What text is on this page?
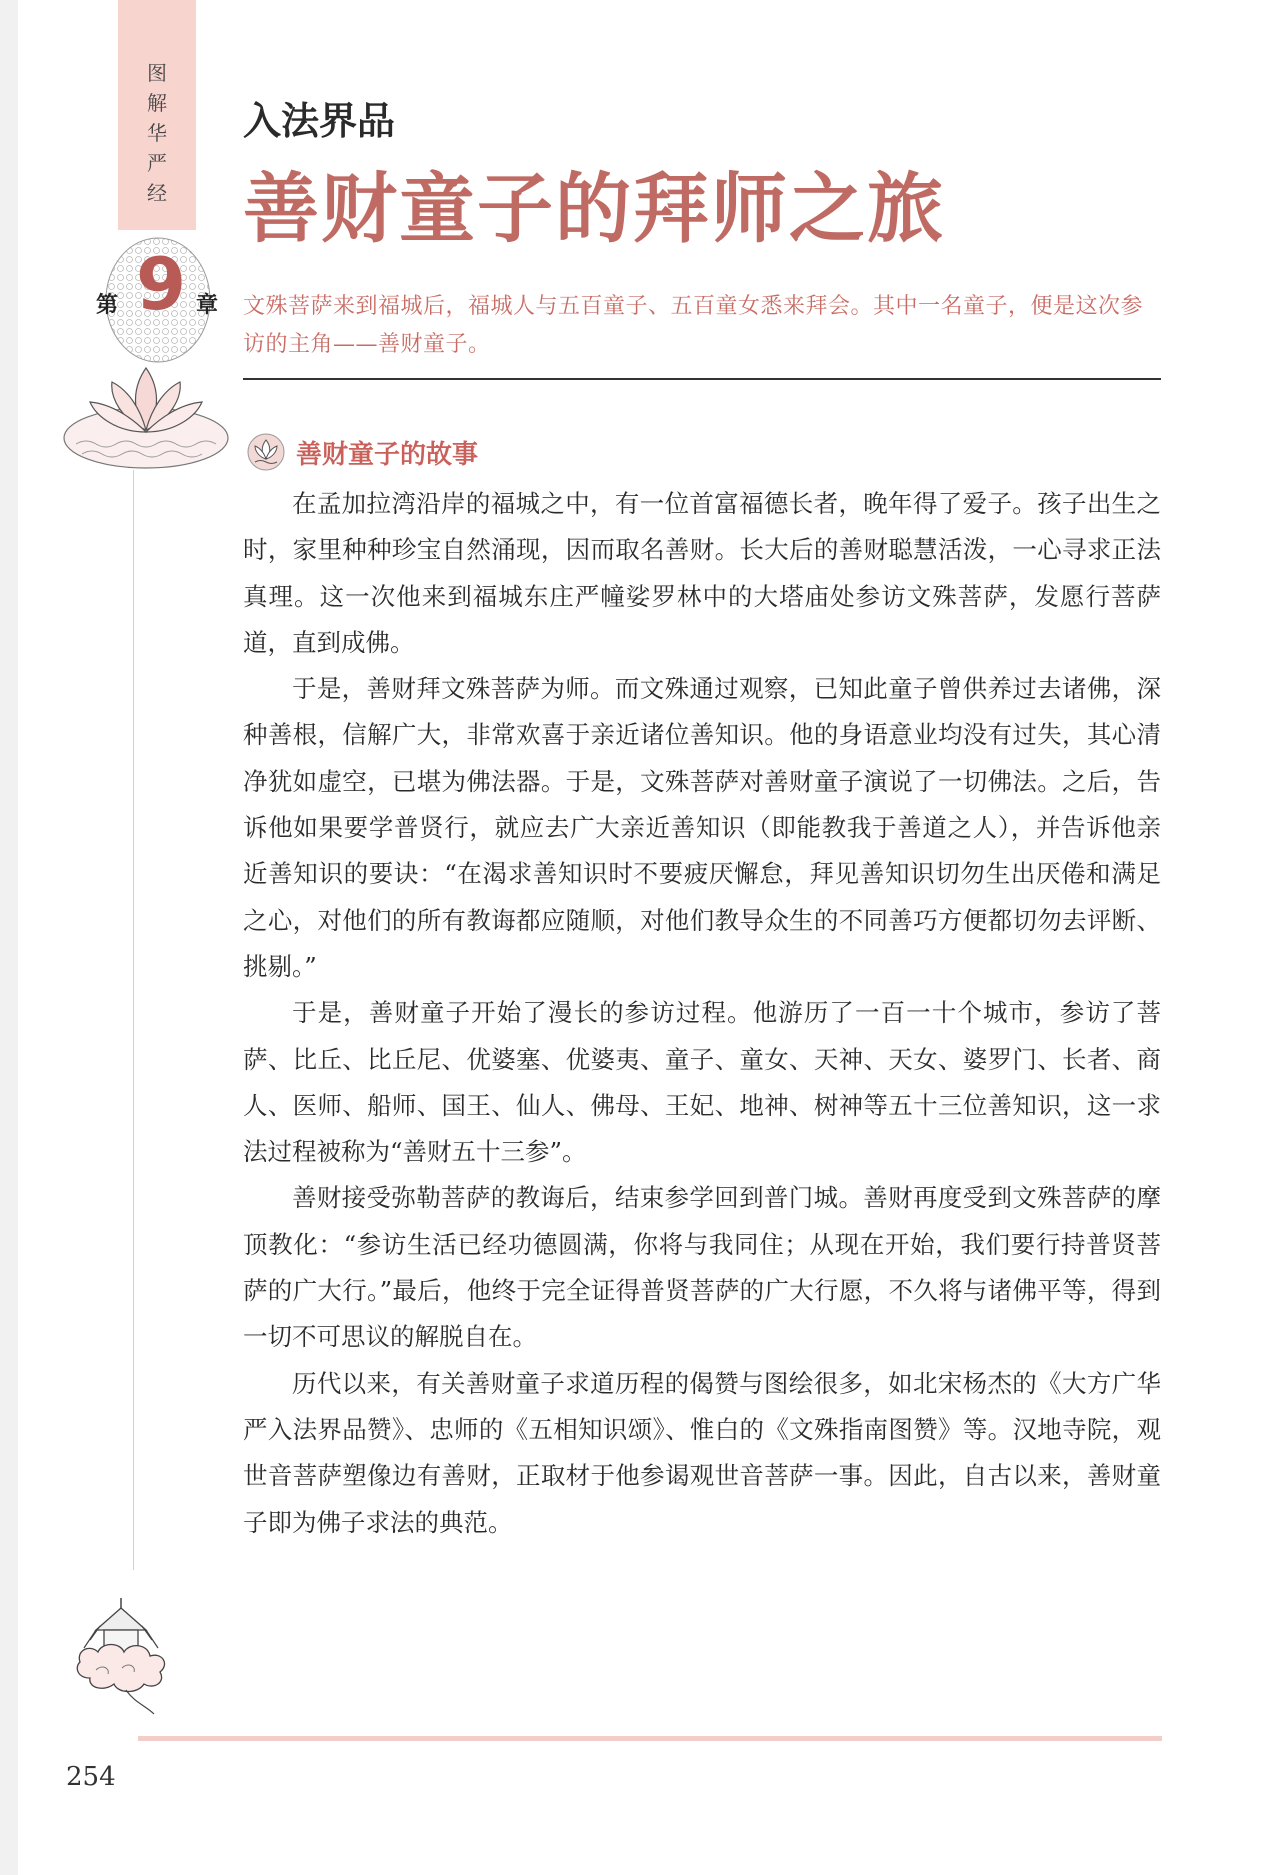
图
解
华
严
经
第 9 章
254
入法界品
善财童子的拜师之旅
文殊菩萨来到福城后，福城人与五百童子、五百童女悉来拜会。其中一名童子，便是这次参访的主角——善财童子。
善财童子的故事

在孟加拉湾沿岸的福城之中，有一位首富福德长者，晚年得了爱子。孩子出生之时，家里种种珍宝自然涌现，因而取名善财。长大后的善财聪慧活泼，一心寻求正法真理。这一次他来到福城东庄严幢娑罗林中的大塔庙处参访文殊菩萨，发愿行菩萨道，直到成佛。

于是，善财拜文殊菩萨为师。而文殊通过观察，已知此童子曾供养过去诸佛，深种善根，信解广大，非常欢喜于亲近诸位善知识。他的身语意业均没有过失，其心清净犹如虚空，已堪为佛法器。于是，文殊菩萨对善财童子演说了一切佛法。之后，告诉他如果要学普贤行，就应去广大亲近善知识（即能教我于善道之人），并告诉他亲近善知识的要诀：“在渴求善知识时不要疲厌懈怠，拜见善知识切勿生出厌倦和满足之心，对他们的所有教诲都应随顺，对他们教导众生的不同善巧方便都切勿去评断、挑剔。”

于是，善财童子开始了漫长的参访过程。他游历了一百一十个城市，参访了菩萨、比丘、比丘尼、优婆塞、优婆夷、童子、童女、天神、天女、婆罗门、长者、商人、医师、船师、国王、仙人、佛母、王妃、地神、树神等五十三位善知识，这一求法过程被称为“善财五十三参”。

善财接受弥勒菩萨的教诲后，结束参学回到普门城。善财再度受到文殊菩萨的摩顶教化：“参访生活已经功德圆满，你将与我同住；从现在开始，我们要行持普贤菩萨的广大行。”最后，他终于完全证得普贤菩萨的广大行愿，不久将与诸佛平等，得到一切不可思议的解脱自在。

历代以来，有关善财童子求道历程的偈赞与图绘很多，如北宋杨杰的《大方广华严入法界品赞》、忠师的《五相知识颂》、惟白的《文殊指南图赞》等。汉地寺院，观世音菩萨塑像边有善财，正取材于他参谒观世音菩萨一事。因此，自古以来，善财童子即为佛子求法的典范。
